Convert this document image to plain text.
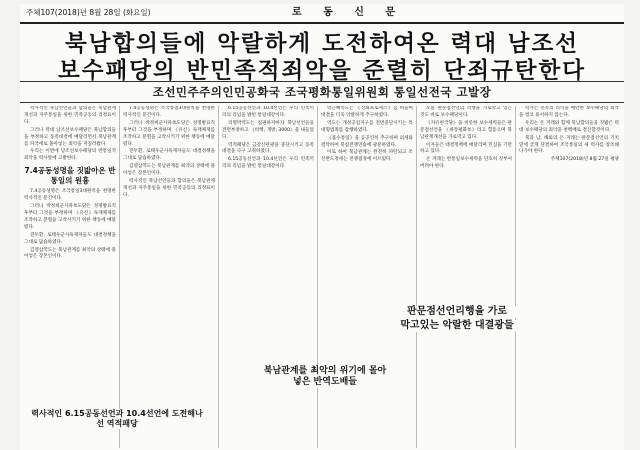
주체107(2018)년 8월 28일 (화요일)	로 동 신 문
북남합의들에 악랄하게 도전하여온 력대 남조선
보수패당의 반민족적죄악을 준렬히 단죄규탄한다
조선민주주의인민공화국 조국평화통일위원회 통일선전국 고발장

력사적인 북남선언들과 합의들은 북남관계개선과 자주통일을 위한 민족공동의 리정표이다.

그러나 력대 남조선보수패당은 북남합의들을 부정하고 동족대결에 매달리면서 북남관계를 파국에로 몰아넣는 죄악을 저질러왔다.

우리는 이번에 남조선보수패당의 반통일적죄악을 력사앞에 고발한다.

7.4공동성명을 짓밟아온 반통일의 원흉

7.4공동성명은 조국통일3대원칙을 천명한 력사적인 문건이다.

그러나 박정희군사파쑈도당은 성명발표직후부터 그것을 부정하며 《유신》독재체제를 조작하고 분렬을 고착시키기 위한 책동에 매달렸다.

전두환, 로태우군사독재자들도 대결정책을 그대로 답습하였다.

김영삼역도는 북남관계를 최악의 상태에 몰아넣은 장본인이다.

7.4공동성명은 조국통일3대원칙을 천명한 력사적인 문건이다.

그러나 박정희군사파쑈도당은 성명발표직후부터 그것을 부정하며 《유신》독재체제를 조작하고 분렬을 고착시키기 위한 책동에 매달렸다.

전두환, 로태우군사독재자들도 대결정책을 그대로 답습하였다.

김영삼역도는 북남관계를 최악의 상태에 몰아넣은 장본인이다.

력사적인 북남선언들과 합의들은 북남관계개선과 자주통일을 위한 민족공동의 리정표이다.

6.15공동선언과 10.4선언은 우리 민족끼리의 리념을 밝힌 통일대강이다.

리명박역도는 집권하자마자 북남선언들을 전면부정하고 《비핵, 개방, 3000》을 내들었다.

역적패당은 금강산관광을 중단시키고 동족대결을 극구 고취하였다.

6.15공동선언과 10.4선언은 우리 민족끼리의 리념을 밝힌 통일대강이다.

박근혜역도는 《신뢰프로세스》를 떠들며 대결을 더욱 악랄하게 추구하였다.

역도는 개성공업지구를 전면중단시키는 특대형범죄를 감행하였다.

《흡수통일》을 공공연히 추구하며 외세와 결탁하여 북침전쟁연습에 광분하였다.

이로 하여 북남관계는 완전히 파탄되고 조선반도정세는 전쟁접경에 이르렀다.

오늘 판문점선언의 리행을 가로막고 있는 것도 바로 보수패당이다.

《자유한국당》을 비롯한 보수세력들은 판문점선언을 《위장평화쑈》라고 헐뜯으며 북남관계개선을 가로막고 있다.

이자들은 대결정책에 매달리며 민심을 기만하고 있다.

온 겨레는 반통일보수세력을 단호히 짓부셔버려야 한다.

력사는 민족의 리익을 배반한 보수패당의 죄악을 결코 용서하지 않는다.

우리는 온 겨레와 함께 북남합의들을 짓밟은 력대 보수패당의 죄악을 천백배로 결산할것이다.

북과 남, 해외의 온 겨레는 판문점선언의 기치밑에 굳게 단결하여 조국통일의 새 력사를 창조해나가야 한다.

주체107(2018)년 8월 27일 평양

력사적인 6.15공동선언과 10.4선언에 도전해나선 역적패당
북남관계를 최악의 위기에 몰아넣은 반역도배들
판문점선언리행을 가로
막고있는 악랄한 대결광들
